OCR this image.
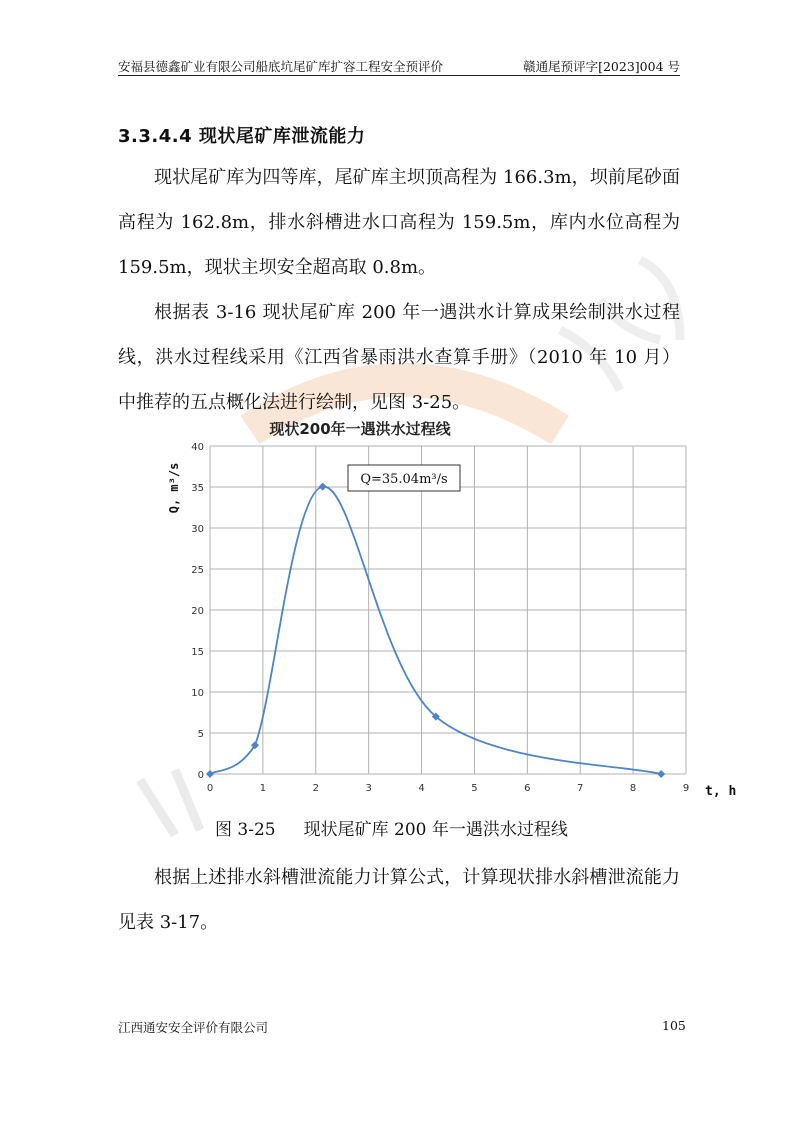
安福县德鑫矿业有限公司船底坑尾矿库扩容工程安全预评价	赣通尾预评字[2023]004 号
3.3.4.4 现状尾矿库泄流能力

现状尾矿库为四等库，尾矿库主坝顶高程为 166.3m，坝前尾砂面高程为 162.8m，排水斜槽进水口高程为 159.5m，库内水位高程为 159.5m，现状主坝安全超高取 0.8m。

根据表 3-16 现状尾矿库 200 年一遇洪水计算成果绘制洪水过程线，洪水过程线采用《江西省暴雨洪水查算手册》（2010 年 10 月）中推荐的五点概化法进行绘制，见图 3-25。

现状200年一遇洪水过程线
0	1	2	3	4	5	6	7	8	9
0
5
10
15
20
25
30
35
40
Q=35.04m³/s
Q, m³/s
t, h
图 3-25 现状尾矿库 200 年一遇洪水过程线

根据上述排水斜槽泄流能力计算公式，计算现状排水斜槽泄流能力见表 3-17。

江西通安安全评价有限公司	105
